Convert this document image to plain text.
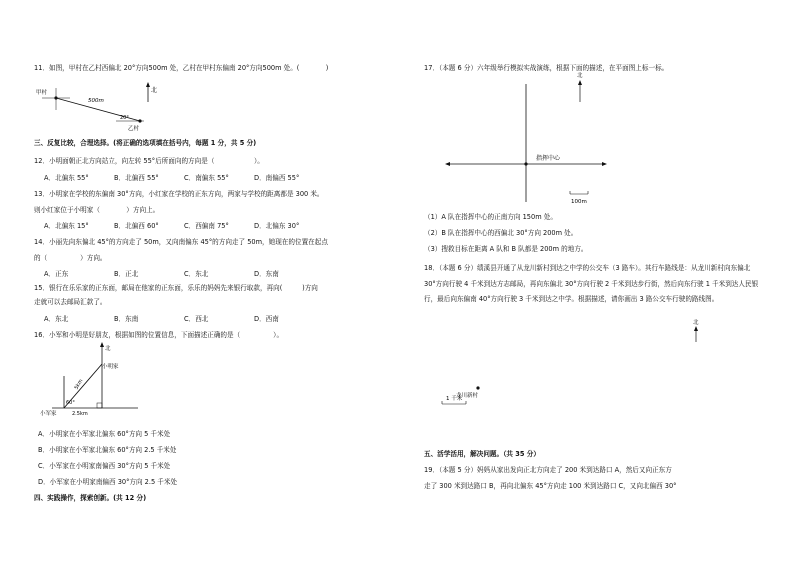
11．如图，甲村在乙村西偏北 20°方向500m 处，乙村在甲村东偏南 20°方向500m 处。(　　　　)
北
甲村
乙村
500m
20°
三、反复比较，合理选择。(将正确的选项填在括号内，每题 1 分，共 5 分)
12．小明面朝正北方向站立，向左转 55°后所面向的方向是（　　　　　　）。
A．北偏东 55°	B．北偏西 55°	C．南偏东 55°	D．南偏西 55°
13．小明家在学校的东偏南 30°方向，小红家在学校的正东方向，两家与学校的距离都是 300 米。
则小红家位于小明家（　　　　）方向上。
A．北偏东 15°	B．北偏西 60°	C．西偏南 75°	D．北偏东 30°
14．小丽先向东偏北 45°的方向走了 50m，又向南偏东 45°的方向走了 50m，她现在的位置在起点
的（　　　　　）方向。
A．正东	B．正北	C．东北	D．东南
15．银行在乐乐家的正东面，邮局在他家的正东面，乐乐的妈妈先来银行取款，再向(　　　)方向
走就可以去邮局汇款了。
A．东北	B．东南	C．西北	D．西南
16．小军和小明是好朋友，根据如图的位置信息，下面描述正确的是（　　　　　）。
北
小明家
小军家
5km
2.5km
60°
A．小明家在小军家北偏东 60°方向 5 千米处
B．小明家在小军家北偏东 60°方向 2.5 千米处
C．小军家在小明家南偏西 30°方向 5 千米处
D．小军家在小明家南偏西 30°方向 2.5 千米处
四、实践操作，探索创新。(共 12 分)
17．（本题 6 分）六年级举行模拟实战演练，根据下面的描述，在平面图上标一标。
指挥中心
北
100m
（1）A 队在指挥中心的正南方向 150m 处。
（2）B 队在指挥中心的西偏北 30°方向 200m 处。
（3）搜救目标在距离 A 队和 B 队都是 200m 的地方。
18．（本题 6 分）绩溪县开通了从龙川新村到达之中学的公交车（3 路车）。其行车路线是：从龙川新村向东偏北 30°方向行驶 4 千米到达方志邮局，再向东偏北 30°方向行驶 2 千米到达步行街，然后向东行驶 1 千米到达人民银行，最后向东偏南 40°方向行驶 3 千米到达之中学。根据描述，请你画出 3 路公交车行驶的路线图。
北
龙川新村
1 千米
五、活学活用，解决问题。（共 35 分）
19．（本题 5 分）妈妈从家出发向正北方向走了 200 米到达路口 A，然后又向正东方
走了 300 米到达路口 B，再向北偏东 45°方向走 100 米到达路口 C，又向北偏西 30°
